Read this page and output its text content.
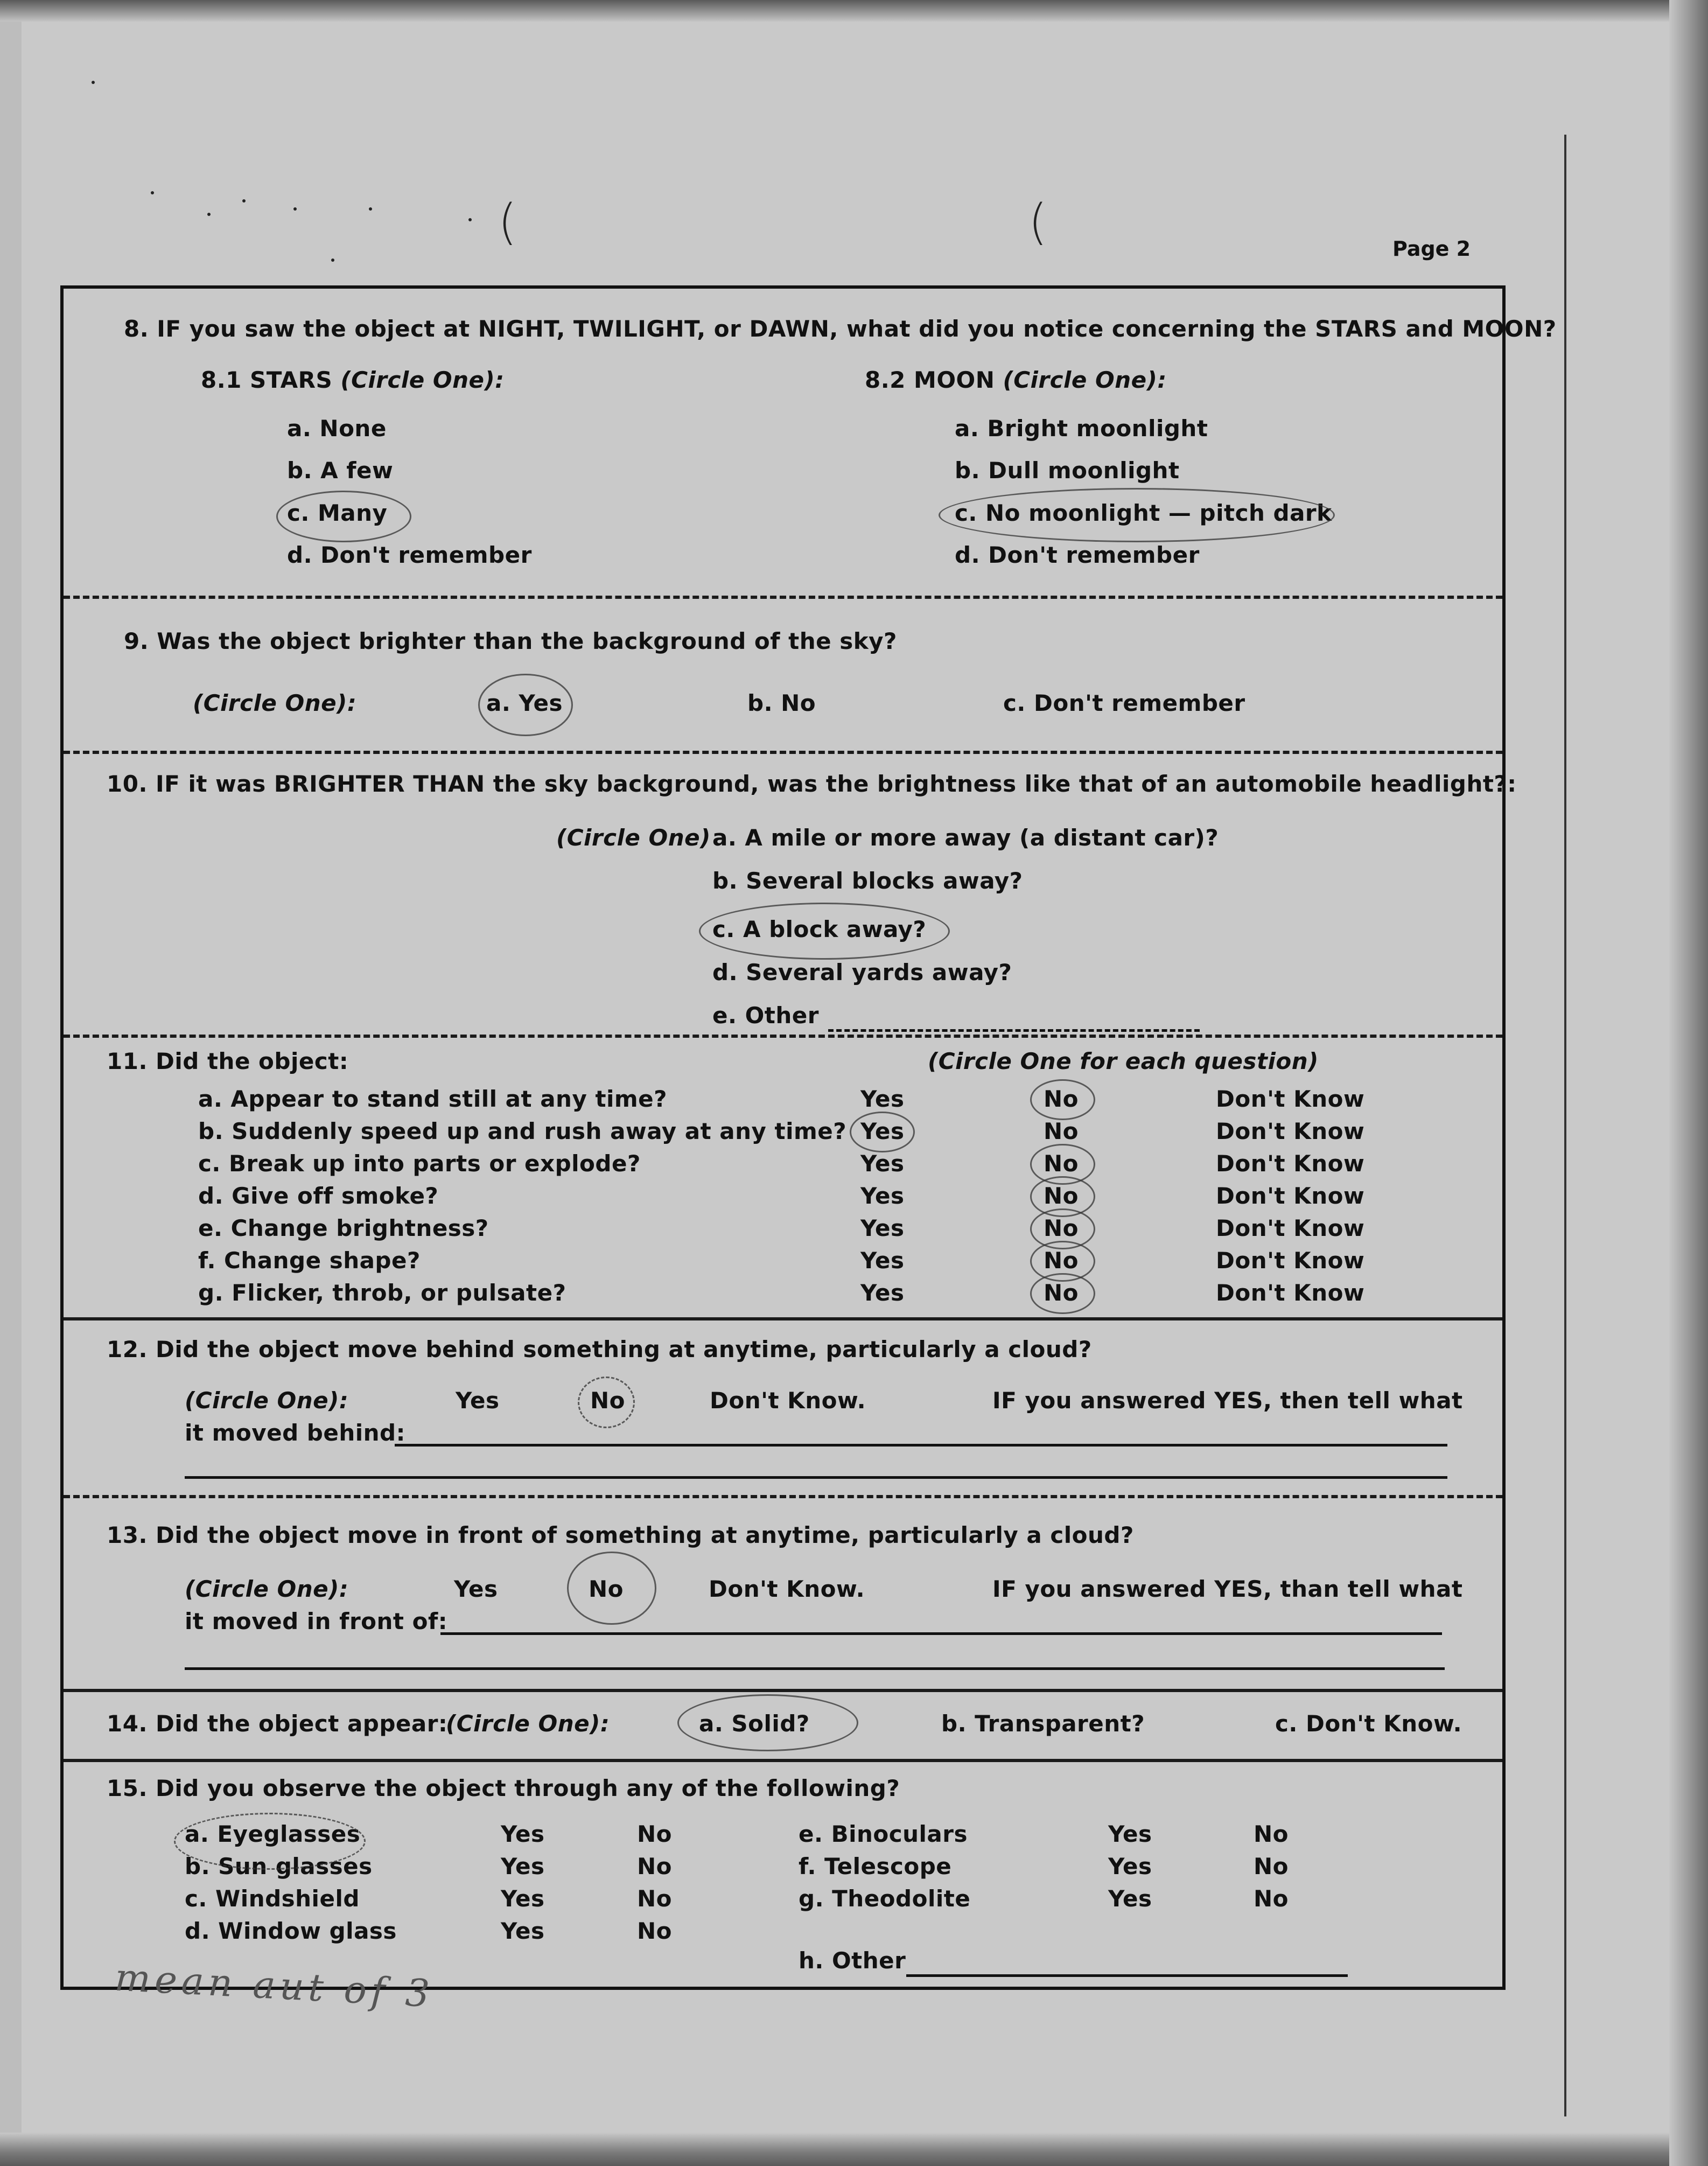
(	(	Page 2
8. IF you saw the object at NIGHT, TWILIGHT, or DAWN, what did you notice concerning the STARS and MOON?
8.1 STARS (Circle One):
a. None
b. A few
c. Many
d. Don't remember
8.2 MOON (Circle One):
a. Bright moonlight
b. Dull moonlight
c. No moonlight — pitch dark
d. Don't remember
9. Was the object brighter than the background of the sky?
(Circle One):	a. Yes	b. No	c. Don't remember
10. IF it was BRIGHTER THAN the sky background, was the brightness like that of an automobile headlight?:
(Circle One) a. A mile or more away (a distant car)?
b. Several blocks away?
c. A block away?
d. Several yards away?
e. Other
11. Did the object:	(Circle One for each question)
a. Appear to stand still at any time?	Yes	No	Don't Know
b. Suddenly speed up and rush away at any time? Yes	No	Don't Know
c. Break up into parts or explode?	Yes	No	Don't Know
d. Give off smoke?	Yes	No	Don't Know
e. Change brightness?	Yes	No	Don't Know
f. Change shape?	Yes	No	Don't Know
g. Flicker, throb, or pulsate?	Yes	No	Don't Know
12. Did the object move behind something at anytime, particularly a cloud?
(Circle One):	Yes	No	Don't Know.	IF you answered YES, then tell what
it moved behind:
13. Did the object move in front of something at anytime, particularly a cloud?
(Circle One):	Yes	No	Don't Know.	IF you answered YES, than tell what
it moved in front of:
14. Did the object appear:
(Circle One):	a. Solid?	b. Transparent?	c. Don't Know.
15. Did you observe the object through any of the following?
a. Eyeglasses	Yes	No
b. Sun glasses	Yes	No
c. Windshield	Yes	No
d. Window glass	Yes	No
e. Binoculars	Yes	No
f. Telescope	Yes	No
g. Theodolite	Yes	No
h. Other
mean aut of 3
